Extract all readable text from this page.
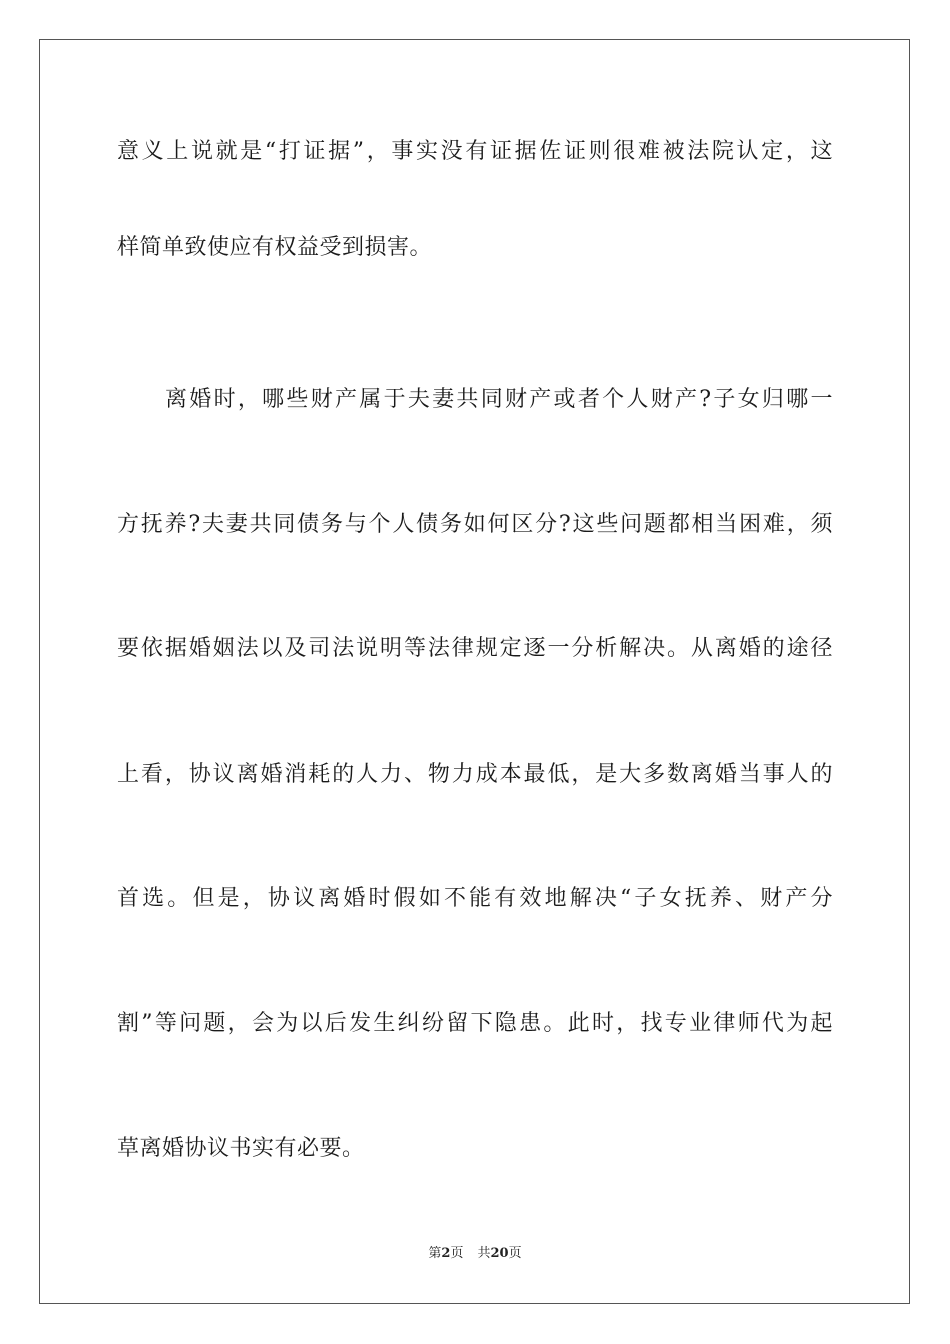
意义上说就是“打证据”，事实没有证据佐证则很难被法院认定，这
样简单致使应有权益受到损害。
离婚时，哪些财产属于夫妻共同财产或者个人财产?子女归哪一
方抚养?夫妻共同债务与个人债务如何区分?这些问题都相当困难，须
要依据婚姻法以及司法说明等法律规定逐一分析解决。从离婚的途径
上看，协议离婚消耗的人力、物力成本最低，是大多数离婚当事人的
首选。但是，协议离婚时假如不能有效地解决“子女抚养、财产分
割”等问题，会为以后发生纠纷留下隐患。此时，找专业律师代为起
草离婚协议书实有必要。
第2页 共20页
